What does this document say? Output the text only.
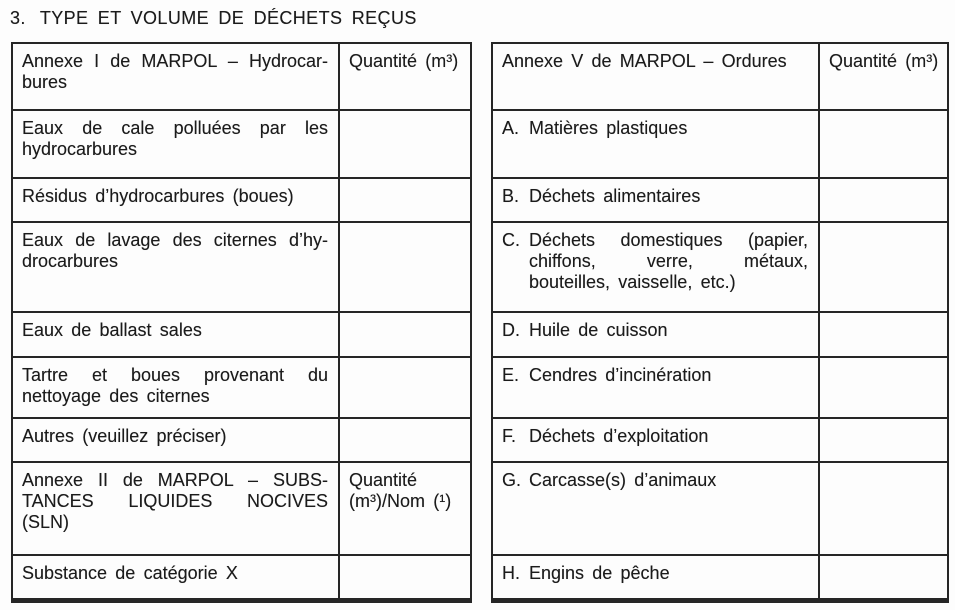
3. TYPE ET VOLUME DE DÉCHETS REÇUS
Annexe I de MARPOL – Hydrocarbures	Quantité (m³)
Eaux de cale polluées par les hydrocarbures	
Résidus d’hydrocarbures (boues)	
Eaux de lavage des citernes d’hydrocarbures	
Eaux de ballast sales	
Tartre et boues provenant du nettoyage des citernes	
Autres (veuillez préciser)	
Annexe II de MARPOL – SUBSTANCES LIQUIDES NOCIVES (SLN)	Quantité (m³)/Nom (¹)
Substance de catégorie X	
Annexe V de MARPOL – Ordures	Quantité (m³)

A. Matières plastiques	

B. Déchets alimentaires	

C. Déchets domestiques (papier, chiffons, verre, métaux, bouteilles, vaisselle, etc.)	

D. Huile de cuisson	

E. Cendres d’incinération	

F. Déchets d’exploitation	

G. Carcasse(s) d’animaux	

H. Engins de pêche	
